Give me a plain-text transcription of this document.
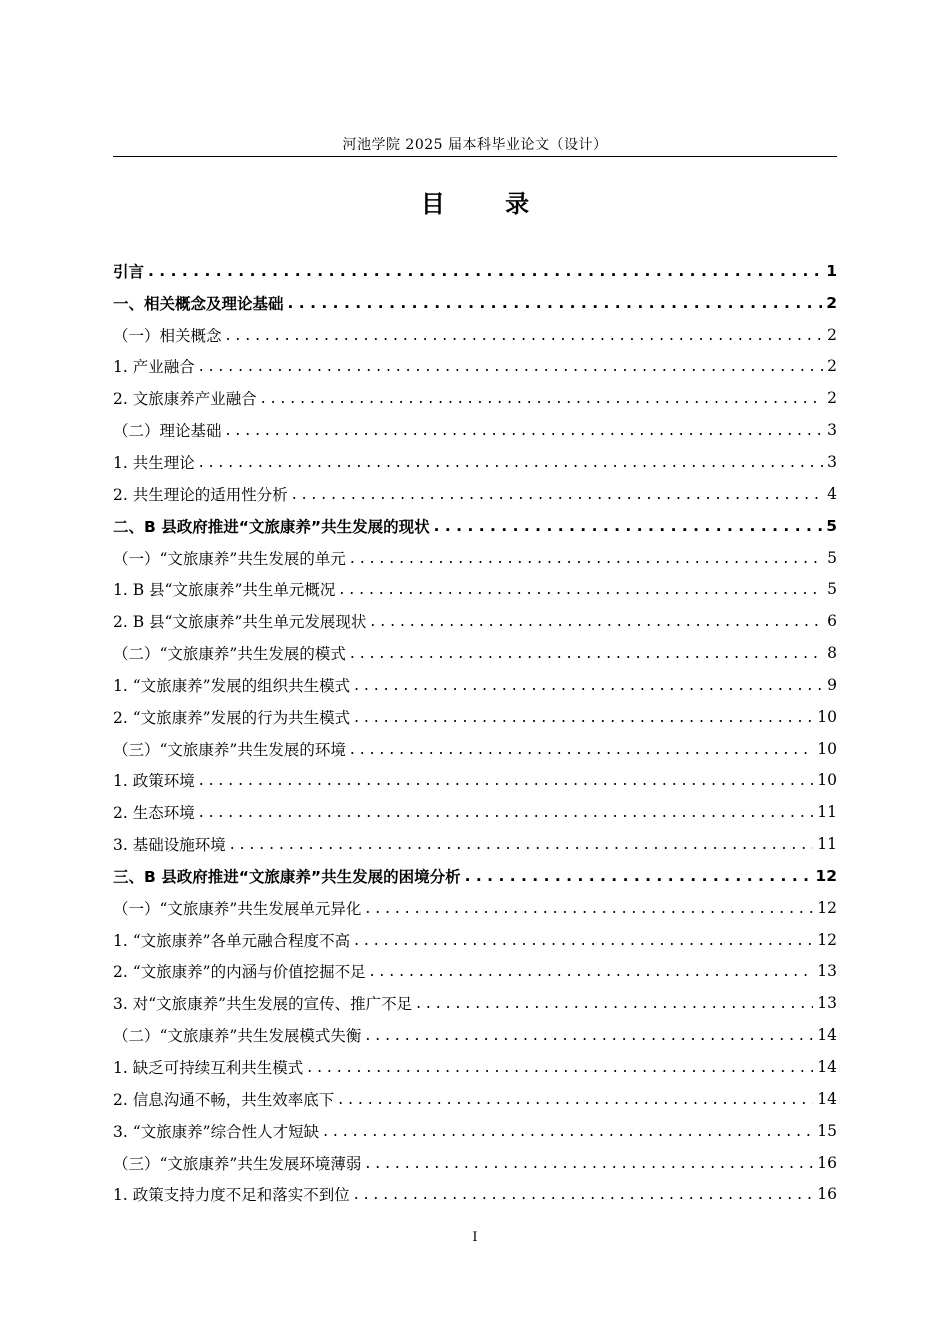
河池学院 2025 届本科毕业论文（设计）
目 录
引言 . . .	1
一、相关概念及理论基础 . . .	2
（一）相关概念 . . .	2
1. 产业融合 . . .	2
2. 文旅康养产业融合 . . .	2
（二）理论基础 . . .	3
1. 共生理论 . . .	3
2. 共生理论的适用性分析 . . .	4
二、B 县政府推进“文旅康养”共生发展的现状 . . .	5
（一）“文旅康养”共生发展的单元 . . .	5
1. B 县“文旅康养”共生单元概况 . . .	5
2. B 县“文旅康养”共生单元发展现状 . . .	6
（二）“文旅康养”共生发展的模式 . . .	8
1. “文旅康养”发展的组织共生模式 . . .	9
2. “文旅康养”发展的行为共生模式 . . .	10
（三）“文旅康养”共生发展的环境 . . .	10
1. 政策环境 . . .	10
2. 生态环境 . . .	11
3. 基础设施环境 . . .	11
三、B 县政府推进“文旅康养”共生发展的困境分析 . . .	12
（一）“文旅康养”共生发展单元异化 . . .	12
1. “文旅康养”各单元融合程度不高 . . .	12
2. “文旅康养”的内涵与价值挖掘不足 . . .	13
3. 对“文旅康养”共生发展的宣传、推广不足 . . .	13
（二）“文旅康养”共生发展模式失衡 . . .	14
1. 缺乏可持续互利共生模式 . . .	14
2. 信息沟通不畅，共生效率底下 . . .	14
3. “文旅康养”综合性人才短缺 . . .	15
（三）“文旅康养”共生发展环境薄弱 . . .	16
1. 政策支持力度不足和落实不到位 . . .	16
I
